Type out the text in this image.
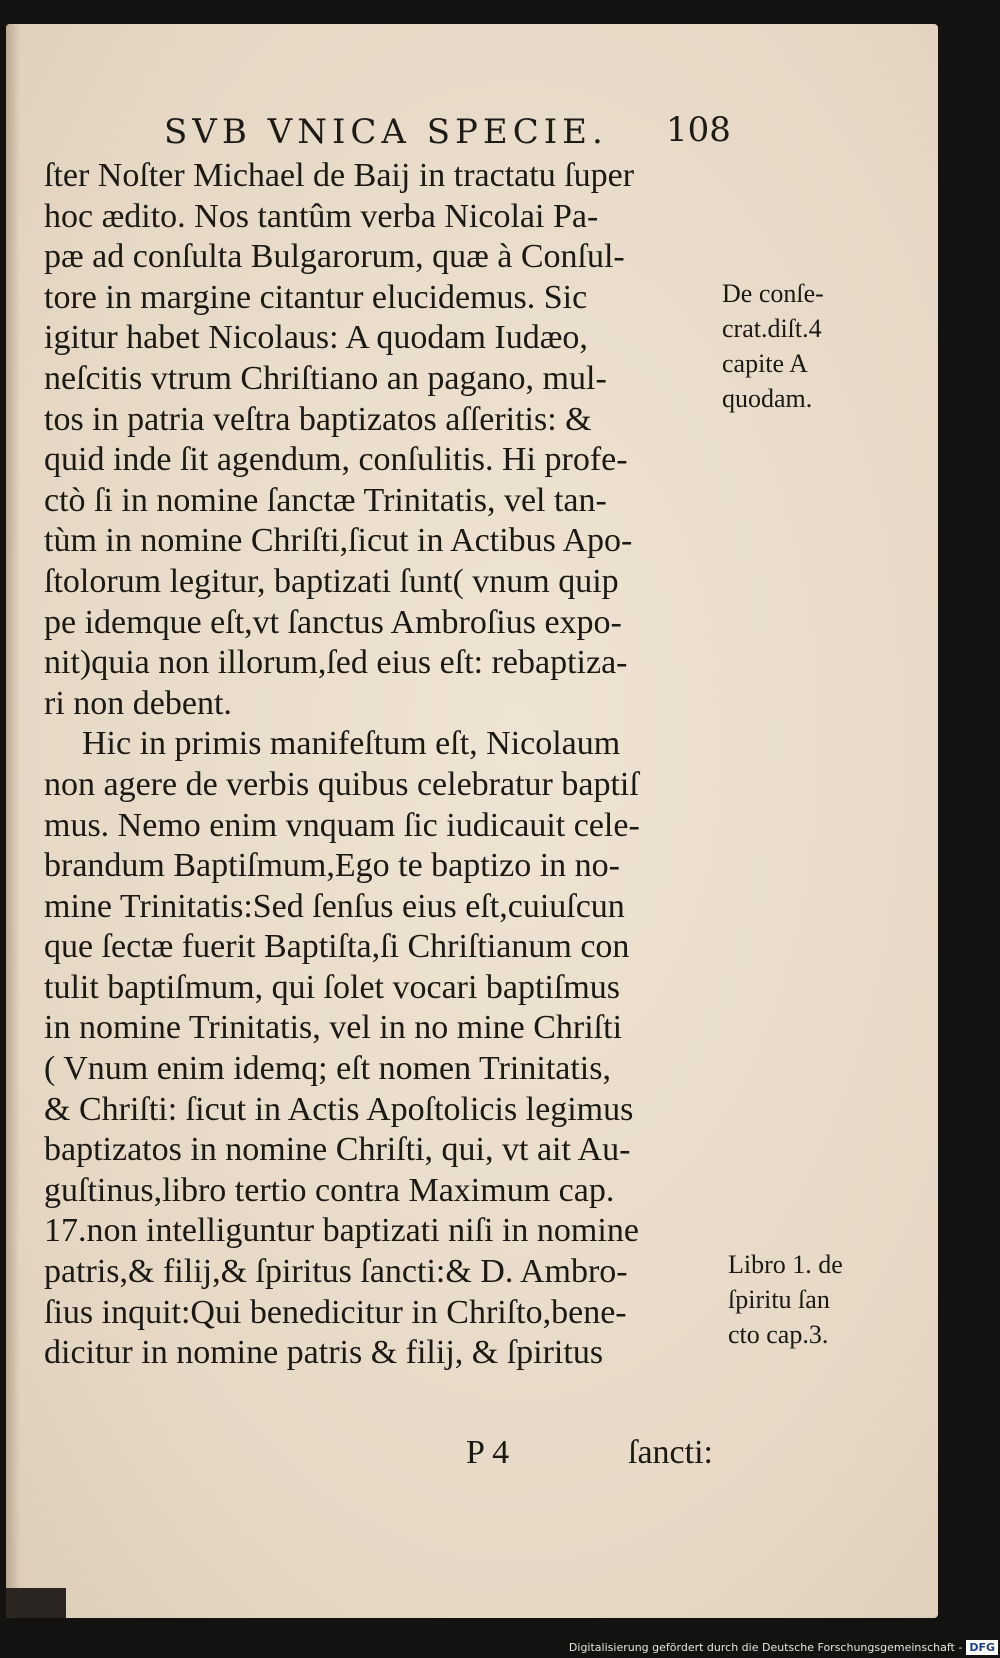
SVB VNICA SPECIE. 108
ſter Noſter Michael de Baij in tractatu ſuper
hoc ædito. Nos tantûm verba Nicolai Pa-
pæ ad conſulta Bulgarorum, quæ à Conſul-
tore in margine citantur elucidemus. Sic
igitur habet Nicolaus: A quodam Iudæo,
neſcitis vtrum Chriſtiano an pagano, mul-
tos in patria veſtra baptizatos aſſeritis: &
quid inde ſit agendum, conſulitis. Hi profe-
ctò ſi in nomine ſanctæ Trinitatis, vel tan-
tùm in nomine Chriſti,ſicut in Actibus Apo-
ſtolorum legitur, baptizati ſunt( vnum quip
pe idemque eſt,vt ſanctus Ambroſius expo-
nit)quia non illorum,ſed eius eſt: rebaptiza-
ri non debent.
Hic in primis manifeſtum eſt, Nicolaum
non agere de verbis quibus celebratur baptiſ
mus. Nemo enim vnquam ſic iudicauit cele-
brandum Baptiſmum,Ego te baptizo in no-
mine Trinitatis:Sed ſenſus eius eſt,cuiuſcun
que ſectæ fuerit Baptiſta,ſi Chriſtianum con
tulit baptiſmum, qui ſolet vocari baptiſmus
in nomine Trinitatis, vel in no mine Chriſti
( Vnum enim idemq; eſt nomen Trinitatis,
& Chriſti: ſicut in Actis Apoſtolicis legimus
baptizatos in nomine Chriſti, qui, vt ait Au-
guſtinus,libro tertio contra Maximum cap.
17.non intelliguntur baptizati niſi in nomine
patris,& filij,& ſpiritus ſancti:& D. Ambro-
ſius inquit:Qui benedicitur in Chriſto,bene-
dicitur in nomine patris & filij, & ſpiritus
De conſe-
crat.diſt.4
capite A
quodam.
Libro 1. de
ſpiritu ſan
cto cap.3.
P 4	ſancti:
Digitalisierung gefördert durch die Deutsche Forschungsgemeinschaft - DFG
